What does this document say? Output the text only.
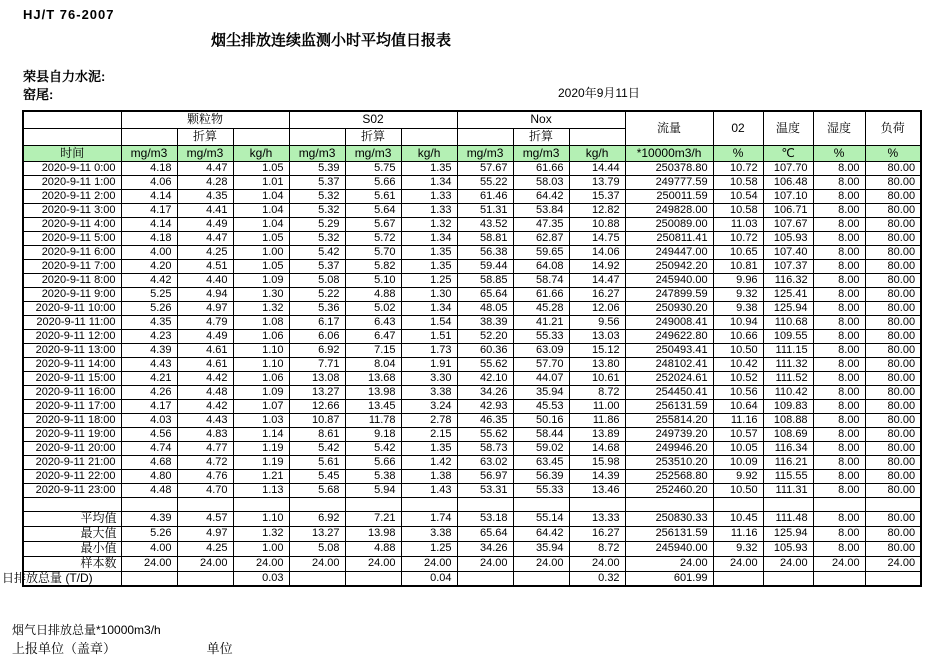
HJ/T 76-2007
烟尘排放连续监测小时平均值日报表
荣县自力水泥:
窑尾:	2020年9月11日
	颗粒物			S02			Nox			流量	02	温度	湿度	负荷
		折算			折算			折算						
时间	mg/m3	mg/m3	kg/h	mg/m3	mg/m3	kg/h	mg/m3	mg/m3	kg/h	*10000m3/h	%	℃	%	%
2020-9-11 0:00	4.18	4.47	1.05	5.39	5.75	1.35	57.67	61.66	14.44	250378.80	10.72	107.70	8.00	80.00
2020-9-11 1:00	4.06	4.28	1.01	5.37	5.66	1.34	55.22	58.03	13.79	249777.59	10.58	106.48	8.00	80.00
2020-9-11 2:00	4.14	4.35	1.04	5.32	5.61	1.33	61.46	64.42	15.37	250011.59	10.54	107.10	8.00	80.00
2020-9-11 3:00	4.17	4.41	1.04	5.32	5.64	1.33	51.31	53.84	12.82	249828.00	10.58	106.71	8.00	80.00
2020-9-11 4:00	4.14	4.49	1.04	5.29	5.67	1.32	43.52	47.35	10.88	250089.00	11.03	107.67	8.00	80.00
2020-9-11 5:00	4.18	4.47	1.05	5.32	5.72	1.34	58.81	62.87	14.75	250811.41	10.72	105.93	8.00	80.00
2020-9-11 6:00	4.00	4.25	1.00	5.42	5.70	1.35	56.38	59.65	14.06	249447.00	10.65	107.40	8.00	80.00
2020-9-11 7:00	4.20	4.51	1.05	5.37	5.82	1.35	59.44	64.08	14.92	250942.20	10.81	107.37	8.00	80.00
2020-9-11 8:00	4.42	4.40	1.09	5.08	5.10	1.25	58.85	58.74	14.47	245940.00	9.96	116.32	8.00	80.00
2020-9-11 9:00	5.25	4.94	1.30	5.22	4.88	1.30	65.64	61.66	16.27	247899.59	9.32	125.41	8.00	80.00
2020-9-11 10:00	5.26	4.97	1.32	5.36	5.02	1.34	48.05	45.28	12.06	250930.20	9.38	125.94	8.00	80.00
2020-9-11 11:00	4.35	4.79	1.08	6.17	6.43	1.54	38.39	41.21	9.56	249008.41	10.94	110.68	8.00	80.00
2020-9-11 12:00	4.23	4.49	1.06	6.06	6.47	1.51	52.20	55.33	13.03	249622.80	10.66	109.55	8.00	80.00
2020-9-11 13:00	4.39	4.61	1.10	6.92	7.15	1.73	60.36	63.09	15.12	250493.41	10.50	111.15	8.00	80.00
2020-9-11 14:00	4.43	4.61	1.10	7.71	8.04	1.91	55.62	57.70	13.80	248102.41	10.42	111.32	8.00	80.00
2020-9-11 15:00	4.21	4.42	1.06	13.08	13.68	3.30	42.10	44.07	10.61	252024.61	10.52	111.52	8.00	80.00
2020-9-11 16:00	4.26	4.48	1.09	13.27	13.98	3.38	34.26	35.94	8.72	254450.41	10.56	110.42	8.00	80.00
2020-9-11 17:00	4.17	4.42	1.07	12.66	13.45	3.24	42.93	45.53	11.00	256131.59	10.64	109.83	8.00	80.00
2020-9-11 18:00	4.03	4.43	1.03	10.87	11.78	2.78	46.35	50.16	11.86	255814.20	11.16	108.88	8.00	80.00
2020-9-11 19:00	4.56	4.83	1.14	8.61	9.18	2.15	55.62	58.44	13.89	249739.20	10.57	108.69	8.00	80.00
2020-9-11 20:00	4.74	4.77	1.19	5.42	5.42	1.35	58.73	59.02	14.68	249946.20	10.05	116.34	8.00	80.00
2020-9-11 21:00	4.68	4.72	1.19	5.61	5.66	1.42	63.02	63.45	15.98	253510.20	10.09	116.21	8.00	80.00
2020-9-11 22:00	4.80	4.76	1.21	5.45	5.38	1.38	56.97	56.39	14.39	252568.80	9.92	115.55	8.00	80.00
2020-9-11 23:00	4.48	4.70	1.13	5.68	5.94	1.43	53.31	55.33	13.46	252460.20	10.50	111.31	8.00	80.00

平均值	4.39	4.57	1.10	6.92	7.21	1.74	53.18	55.14	13.33	250830.33	10.45	111.48	8.00	80.00
最大值	5.26	4.97	1.32	13.27	13.98	3.38	65.64	64.42	16.27	256131.59	11.16	125.94	8.00	80.00
最小值	4.00	4.25	1.00	5.08	4.88	1.25	34.26	35.94	8.72	245940.00	9.32	105.93	8.00	80.00
样本数	24.00	24.00	24.00	24.00	24.00	24.00	24.00	24.00	24.00	24.00	24.00	24.00	24.00	24.00
日排放总量 (T/D)			0.03			0.04			0.32	601.99				
烟气日排放总量*10000m3/h
上报单位（盖章）	单位
